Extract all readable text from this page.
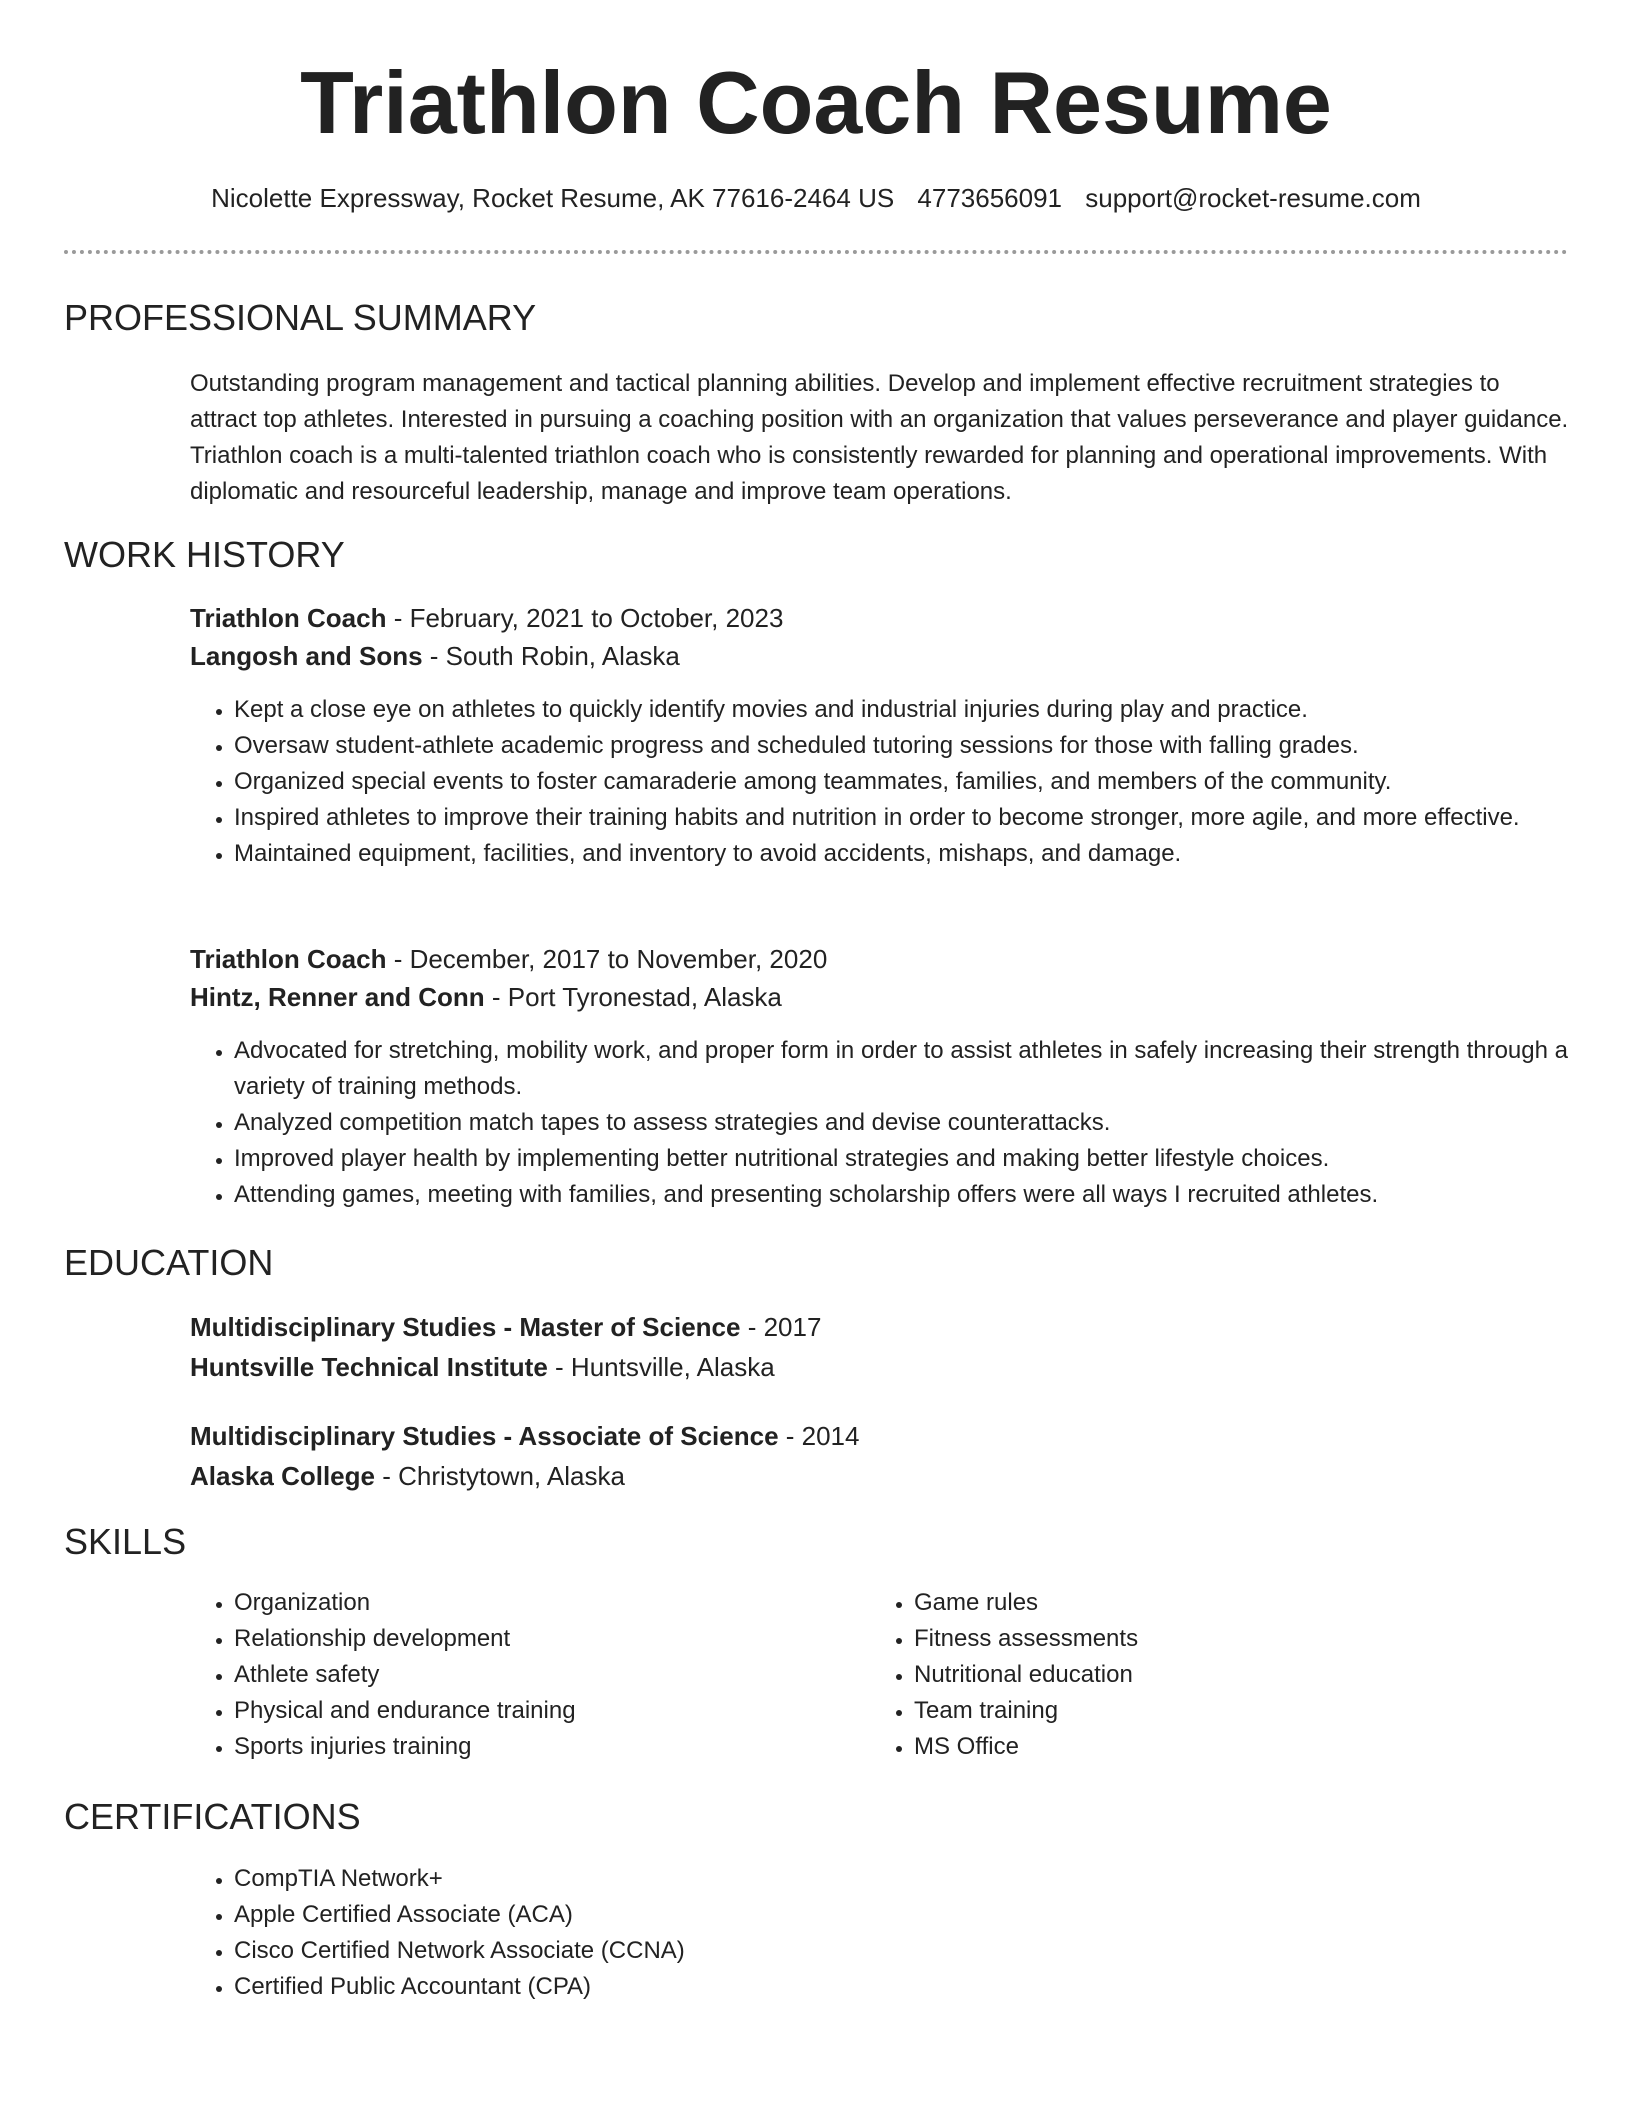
Triathlon Coach Resume
Nicolette Expressway, Rocket Resume, AK 77616-2464 US 4773656091 support@rocket-resume.com
PROFESSIONAL SUMMARY

Outstanding program management and tactical planning abilities. Develop and implement effective recruitment strategies to attract top athletes. Interested in pursuing a coaching position with an organization that values perseverance and player guidance. Triathlon coach is a multi-talented triathlon coach who is consistently rewarded for planning and operational improvements. With diplomatic and resourceful leadership, manage and improve team operations.

WORK HISTORY
Triathlon Coach - February, 2021 to October, 2023
Langosh and Sons - South Robin, Alaska
• Kept a close eye on athletes to quickly identify movies and industrial injuries during play and practice.
• Oversaw student-athlete academic progress and scheduled tutoring sessions for those with falling grades.
• Organized special events to foster camaraderie among teammates, families, and members of the community.
• Inspired athletes to improve their training habits and nutrition in order to become stronger, more agile, and more effective.
• Maintained equipment, facilities, and inventory to avoid accidents, mishaps, and damage.
Triathlon Coach - December, 2017 to November, 2020
Hintz, Renner and Conn - Port Tyronestad, Alaska
• Advocated for stretching, mobility work, and proper form in order to assist athletes in safely increasing their strength through a variety of training methods.
• Analyzed competition match tapes to assess strategies and devise counterattacks.
• Improved player health by implementing better nutritional strategies and making better lifestyle choices.
• Attending games, meeting with families, and presenting scholarship offers were all ways I recruited athletes.
EDUCATION
Multidisciplinary Studies - Master of Science - 2017
Huntsville Technical Institute - Huntsville, Alaska
Multidisciplinary Studies - Associate of Science - 2014
Alaska College - Christytown, Alaska
SKILLS
• Organization
• Relationship development
• Athlete safety
• Physical and endurance training
• Sports injuries training
• Game rules
• Fitness assessments
• Nutritional education
• Team training
• MS Office
CERTIFICATIONS
• CompTIA Network+
• Apple Certified Associate (ACA)
• Cisco Certified Network Associate (CCNA)
• Certified Public Accountant (CPA)
